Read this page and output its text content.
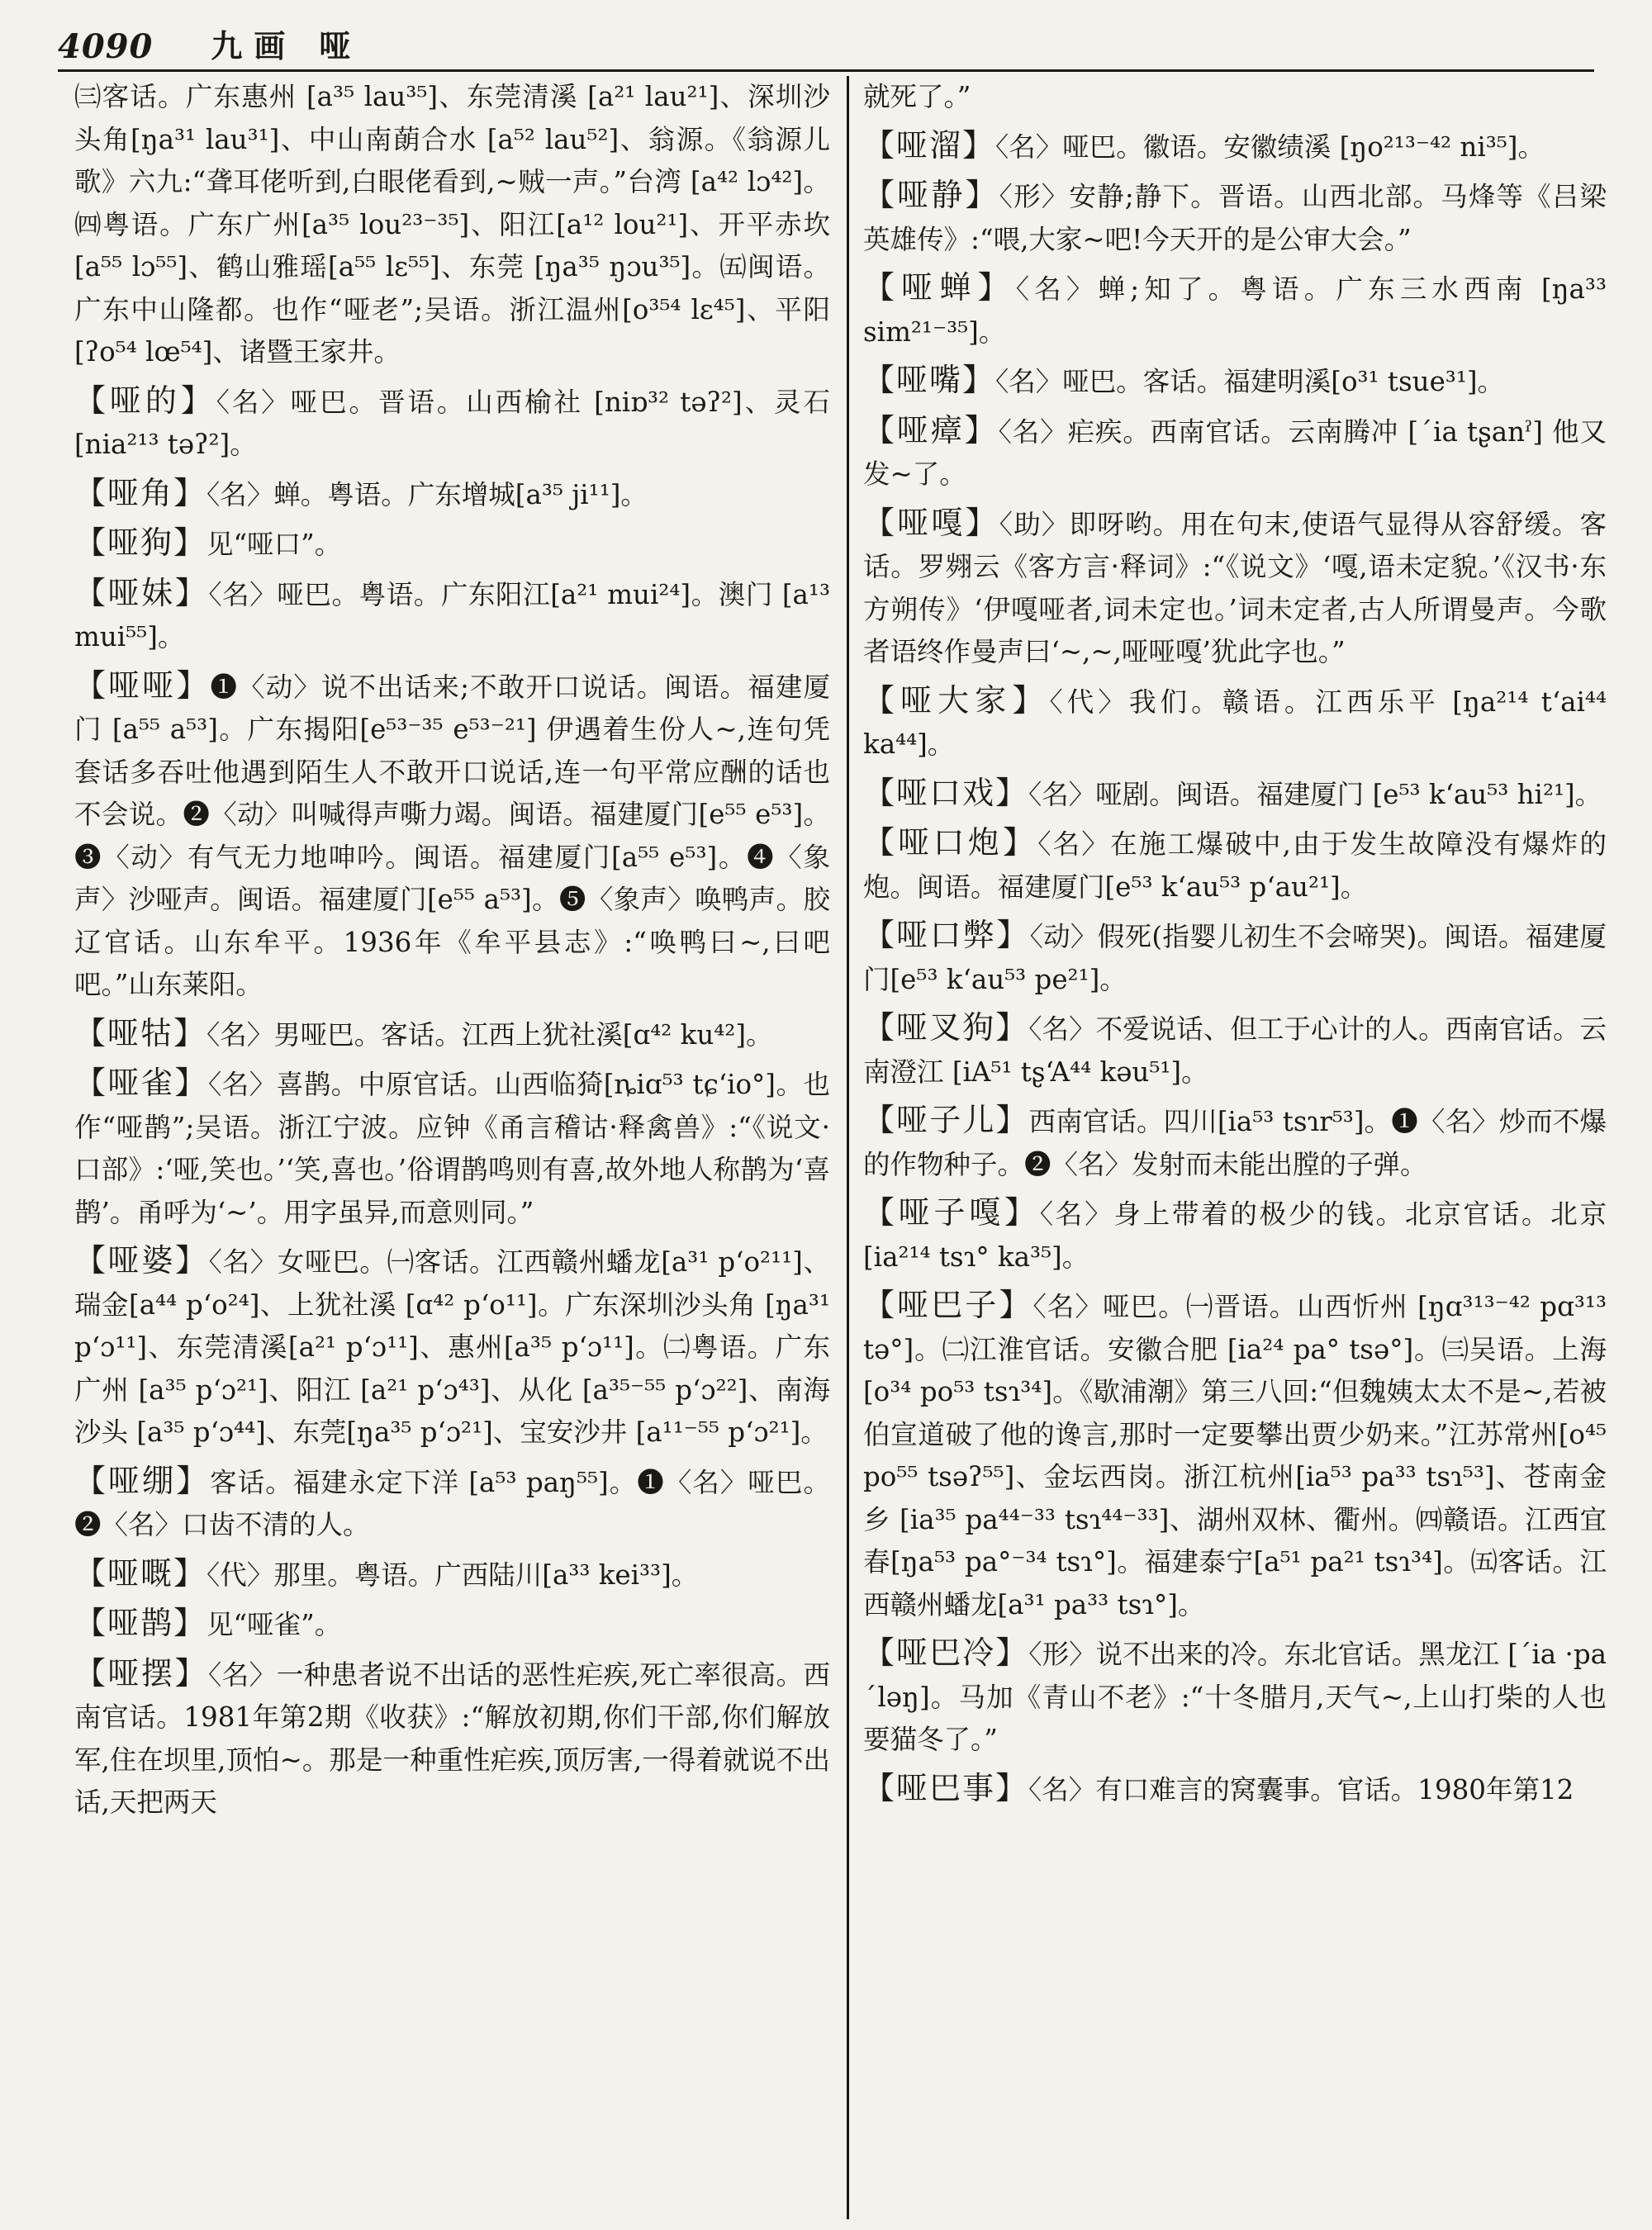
4090 九画 哑
㈢客话。广东惠州 [a³⁵ lau³⁵]、东莞清溪 [a²¹ lau²¹]、深圳沙头角[ŋa³¹ lau³¹]、中山南蓢合水 [a⁵² lau⁵²]、翁源。《翁源儿歌》六九:“聋耳佬听到,白眼佬看到,~贼一声。”台湾 [a⁴² lɔ⁴²]。㈣粤语。广东广州[a³⁵ lou²³⁻³⁵]、阳江[a¹² lou²¹]、开平赤坎[a⁵⁵ lɔ⁵⁵]、鹤山雅瑶[a⁵⁵ lɛ⁵⁵]、东莞 [ŋa³⁵ ŋɔu³⁵]。㈤闽语。广东中山隆都。也作“哑老”;吴语。浙江温州[o³⁵⁴ lɛ⁴⁵]、平阳[ʔo⁵⁴ lœ⁵⁴]、诸暨王家井。
【哑的】〈名〉哑巴。晋语。山西榆社 [niɒ³² təʔ²]、灵石[nia²¹³ təʔ²]。
【哑角】〈名〉蝉。粤语。广东增城[a³⁵ ji¹¹]。
【哑狗】见“哑口”。
【哑妹】〈名〉哑巴。粤语。广东阳江[a²¹ mui²⁴]。澳门 [a¹³ mui⁵⁵]。
【哑哑】❶〈动〉说不出话来;不敢开口说话。闽语。福建厦门 [a⁵⁵ a⁵³]。广东揭阳[e⁵³⁻³⁵ e⁵³⁻²¹] 伊遇着生份人~,连句凭套话多吞吐他遇到陌生人不敢开口说话,连一句平常应酬的话也不会说。❷〈动〉叫喊得声嘶力竭。闽语。福建厦门[e⁵⁵ e⁵³]。❸〈动〉有气无力地呻吟。闽语。福建厦门[a⁵⁵ e⁵³]。❹〈象声〉沙哑声。闽语。福建厦门[e⁵⁵ a⁵³]。❺〈象声〉唤鸭声。胶辽官话。山东牟平。1936年《牟平县志》:“唤鸭曰~,曰吧吧。”山东莱阳。
【哑牯】〈名〉男哑巴。客话。江西上犹社溪[ɑ⁴² ku⁴²]。
【哑雀】〈名〉喜鹊。中原官话。山西临猗[ȵiɑ⁵³ tɕʻio°]。也作“哑鹊”;吴语。浙江宁波。应钟《甬言稽诂·释禽兽》:“《说文·口部》:‘哑,笑也。’‘笑,喜也。’俗谓鹊鸣则有喜,故外地人称鹊为‘喜鹊’。甬呼为‘~’。用字虽异,而意则同。”
【哑婆】〈名〉女哑巴。㈠客话。江西赣州蟠龙[a³¹ pʻo²¹¹]、瑞金[a⁴⁴ pʻo²⁴]、上犹社溪 [ɑ⁴² pʻo¹¹]。广东深圳沙头角 [ŋa³¹ pʻɔ¹¹]、东莞清溪[a²¹ pʻɔ¹¹]、惠州[a³⁵ pʻɔ¹¹]。㈡粤语。广东广州 [a³⁵ pʻɔ²¹]、阳江 [a²¹ pʻɔ⁴³]、从化 [a³⁵⁻⁵⁵ pʻɔ²²]、南海沙头 [a³⁵ pʻɔ⁴⁴]、东莞[ŋa³⁵ pʻɔ²¹]、宝安沙井 [a¹¹⁻⁵⁵ pʻɔ²¹]。
【哑绷】客话。福建永定下洋 [a⁵³ paŋ⁵⁵]。❶〈名〉哑巴。❷〈名〉口齿不清的人。
【哑嘅】〈代〉那里。粤语。广西陆川[a³³ kei³³]。
【哑鹊】见“哑雀”。
【哑摆】〈名〉一种患者说不出话的恶性疟疾,死亡率很高。西南官话。1981年第2期《收获》:“解放初期,你们干部,你们解放军,住在坝里,顶怕~。那是一种重性疟疾,顶厉害,一得着就说不出话,天把两天
就死了。”
【哑溜】〈名〉哑巴。徽语。安徽绩溪 [ŋo²¹³⁻⁴² ni³⁵]。
【哑静】〈形〉安静;静下。晋语。山西北部。马烽等《吕梁英雄传》:“喂,大家~吧!今天开的是公审大会。”
【哑蝉】〈名〉蝉;知了。粤语。广东三水西南 [ŋa³³ sim²¹⁻³⁵]。
【哑嘴】〈名〉哑巴。客话。福建明溪[o³¹ tsue³¹]。
【哑瘴】〈名〉疟疾。西南官话。云南腾冲 [ˊia tʂanˀ] 他又发~了。
【哑嘎】〈助〉即呀哟。用在句末,使语气显得从容舒缓。客话。罗翙云《客方言·释词》:“《说文》‘嘎,语未定貌。’《汉书·东方朔传》‘伊嘎哑者,词未定也。’词未定者,古人所谓曼声。今歌者语终作曼声曰‘~,~,哑哑嘎’犹此字也。”
【哑大家】〈代〉我们。赣语。江西乐平 [ŋa²¹⁴ tʻai⁴⁴ ka⁴⁴]。
【哑口戏】〈名〉哑剧。闽语。福建厦门 [e⁵³ kʻau⁵³ hi²¹]。
【哑口炮】〈名〉在施工爆破中,由于发生故障没有爆炸的炮。闽语。福建厦门[e⁵³ kʻau⁵³ pʻau²¹]。
【哑口弊】〈动〉假死(指婴儿初生不会啼哭)。闽语。福建厦门[e⁵³ kʻau⁵³ pe²¹]。
【哑叉狗】〈名〉不爱说话、但工于心计的人。西南官话。云南澄江 [iA⁵¹ tʂʻA⁴⁴ kəu⁵¹]。
【哑子儿】西南官话。四川[ia⁵³ tsɿr⁵³]。❶〈名〉炒而不爆的作物种子。❷〈名〉发射而未能出膛的子弹。
【哑子嘎】〈名〉身上带着的极少的钱。北京官话。北京 [ia²¹⁴ tsɿ° ka³⁵]。
【哑巴子】〈名〉哑巴。㈠晋语。山西忻州 [ŋɑ³¹³⁻⁴² pɑ³¹³ tə°]。㈡江淮官话。安徽合肥 [ia²⁴ pa° tsə°]。㈢吴语。上海 [o³⁴ po⁵³ tsɿ³⁴]。《歇浦潮》第三八回:“但魏姨太太不是~,若被伯宣道破了他的谗言,那时一定要攀出贾少奶来。”江苏常州[o⁴⁵ po⁵⁵ tsəʔ⁵⁵]、金坛西岗。浙江杭州[ia⁵³ pa³³ tsɿ⁵³]、苍南金乡 [ia³⁵ pa⁴⁴⁻³³ tsɿ⁴⁴⁻³³]、湖州双林、衢州。㈣赣语。江西宜春[ŋa⁵³ pa°⁻³⁴ tsɿ°]。福建泰宁[a⁵¹ pa²¹ tsɿ³⁴]。㈤客话。江西赣州蟠龙[a³¹ pa³³ tsɿ°]。
【哑巴冷】〈形〉说不出来的冷。东北官话。黑龙江 [ˊia ·pa ˊləŋ]。马加《青山不老》:“十冬腊月,天气~,上山打柴的人也要猫冬了。”
【哑巴事】〈名〉有口难言的窝囊事。官话。1980年第12
